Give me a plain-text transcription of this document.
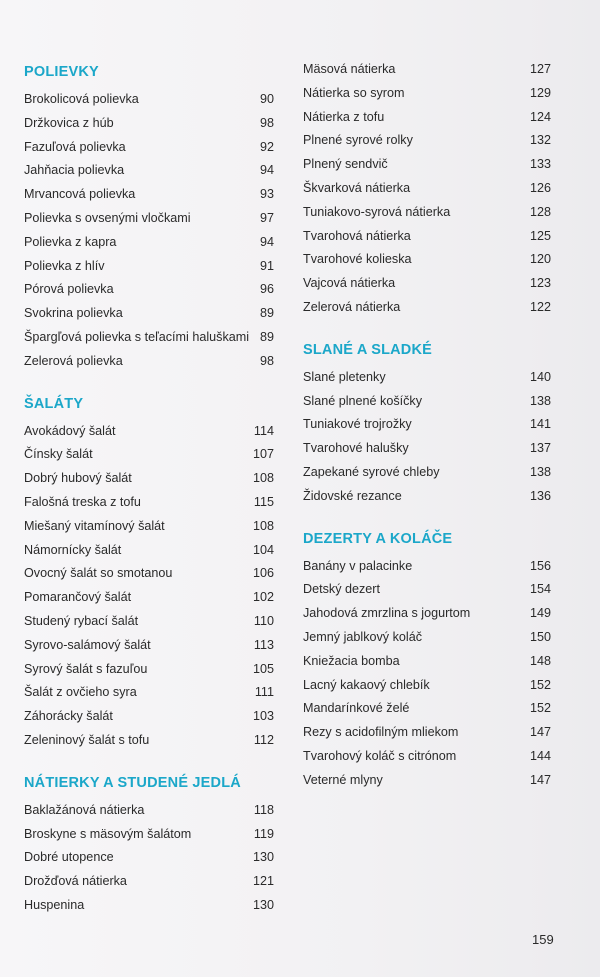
POLIEVKY
Brokolicová polievka	90
Držkovica z húb	98
Fazuľová polievka	92
Jahňacia polievka	94
Mrvancová polievka	93
Polievka s ovsenými vločkami	97
Polievka z kapra	94
Polievka z hlív	91
Pórová polievka	96
Svokrina polievka	89
Špargľová polievka s teľacími haluškami 89
Zelerová polievka	98
ŠALÁTY
Avokádový šalát	114
Čínsky šalát	107
Dobrý hubový šalát	108
Falošná treska z tofu	115
Miešaný vitamínový šalát	108
Námornícky šalát	104
Ovocný šalát so smotanou	106
Pomarančový šalát	102
Studený rybací šalát	110
Syrovo-salámový šalát	113
Syrový šalát s fazuľou	105
Šalát z ovčieho syra	111
Záhorácky šalát	103
Zeleninový šalát s tofu	112
NÁTIERKY A STUDENÉ JEDLÁ
Baklažánová nátierka	118
Broskyne s mäsovým šalátom	119
Dobré utopence	130
Drožďová nátierka	121
Huspenina	130
Mäsová nátierka	127
Nátierka so syrom	129
Nátierka z tofu	124
Plnené syrové rolky	132
Plnený sendvič	133
Škvarková nátierka	126
Tuniakovo-syrová nátierka	128
Tvarohová nátierka	125
Tvarohové kolieska	120
Vajcová nátierka	123
Zelerová nátierka	122
SLANÉ A SLADKÉ
Slané pletenky	140
Slané plnené košíčky	138
Tuniakové trojrožky	141
Tvarohové halušky	137
Zapekané syrové chleby	138
Židovské rezance	136
DEZERTY A KOLÁČE
Banány v palacinke	156
Detský dezert	154
Jahodová zmrzlina s jogurtom	149
Jemný jablkový koláč	150
Kniežacia bomba	148
Lacný kakaový chlebík	152
Mandarínkové želé	152
Rezy s acidofilným mliekom	147
Tvarohový koláč s citrónom	144
Veterné mlyny	147
159
